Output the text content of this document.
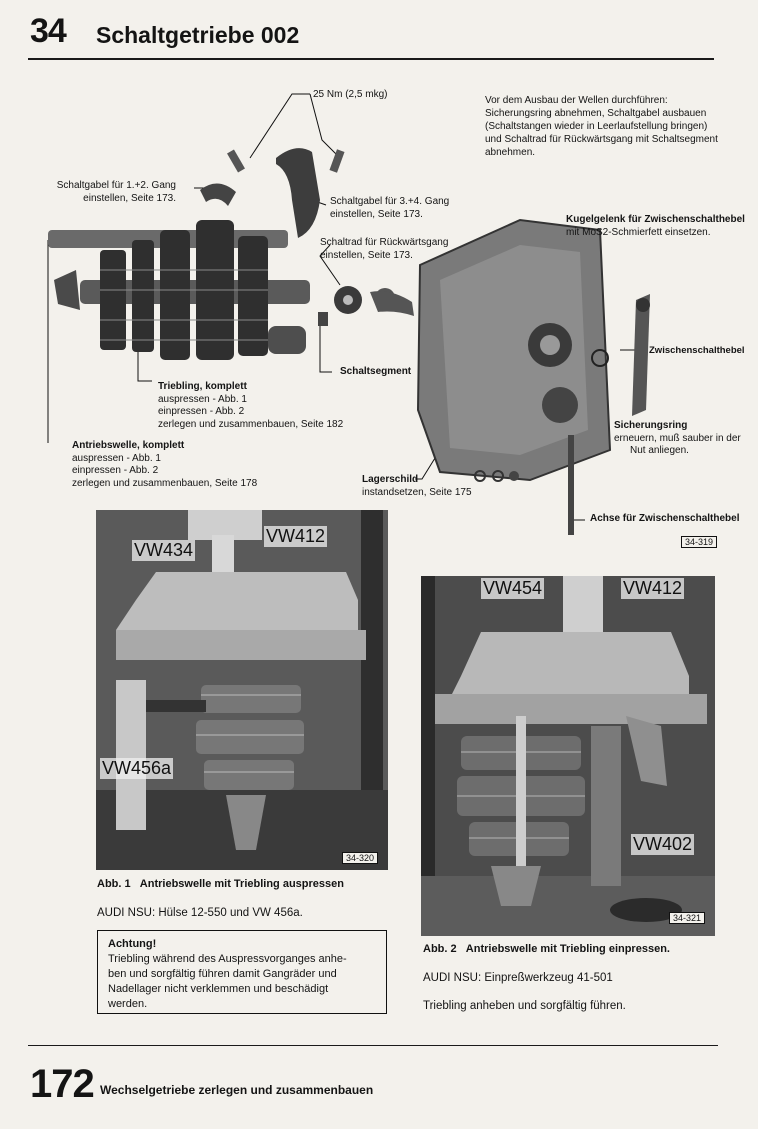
34 Schaltgetriebe 002
25 Nm (2,5 mkg)
Vor dem Ausbau der Wellen durchführen: Sicherungsring abnehmen, Schaltgabel ausbauen (Schaltstangen wieder in Leerlaufstellung bringen) und Schaltrad für Rückwärtsgang mit Schaltsegment abnehmen.
Schaltgabel für 1.+2. Gang
einstellen, Seite 173.	Schaltgabel für 3.+4. Gang
einstellen, Seite 173.
Schaltrad für Rückwärtsgang
einstellen, Seite 173.
Kugelgelenk für Zwischenschalthebel
mit MoS2-Schmierfett einsetzen.
Zwischenschalthebel
Schaltsegment
Sicherungsring
erneuern, muß sauber in der
Nut anliegen.
Triebling, komplett
auspressen - Abb. 1
einpressen - Abb. 2
zerlegen und zusammenbauen, Seite 182
Antriebswelle, komplett
auspressen - Abb. 1
einpressen - Abb. 2
zerlegen und zusammenbauen, Seite 178	Lagerschild
instandsetzen, Seite 175
Achse für Zwischenschalthebel
34-319
VW434
VW412
VW456a
34-320
Abb. 1 Antriebswelle mit Triebling auspressen
AUDI NSU: Hülse 12-550 und VW 456a.
Achtung!
Triebling während des Auspressvorganges anhe-
ben und sorgfältig führen damit Gangräder und
Nadellager nicht verklemmen und beschädigt
werden.
VW454	VW412
VW402
34-321
Abb. 2 Antriebswelle mit Triebling einpressen.
AUDI NSU: Einpreßwerkzeug 41-501
Triebling anheben und sorgfältig führen.
172 Wechselgetriebe zerlegen und zusammenbauen
